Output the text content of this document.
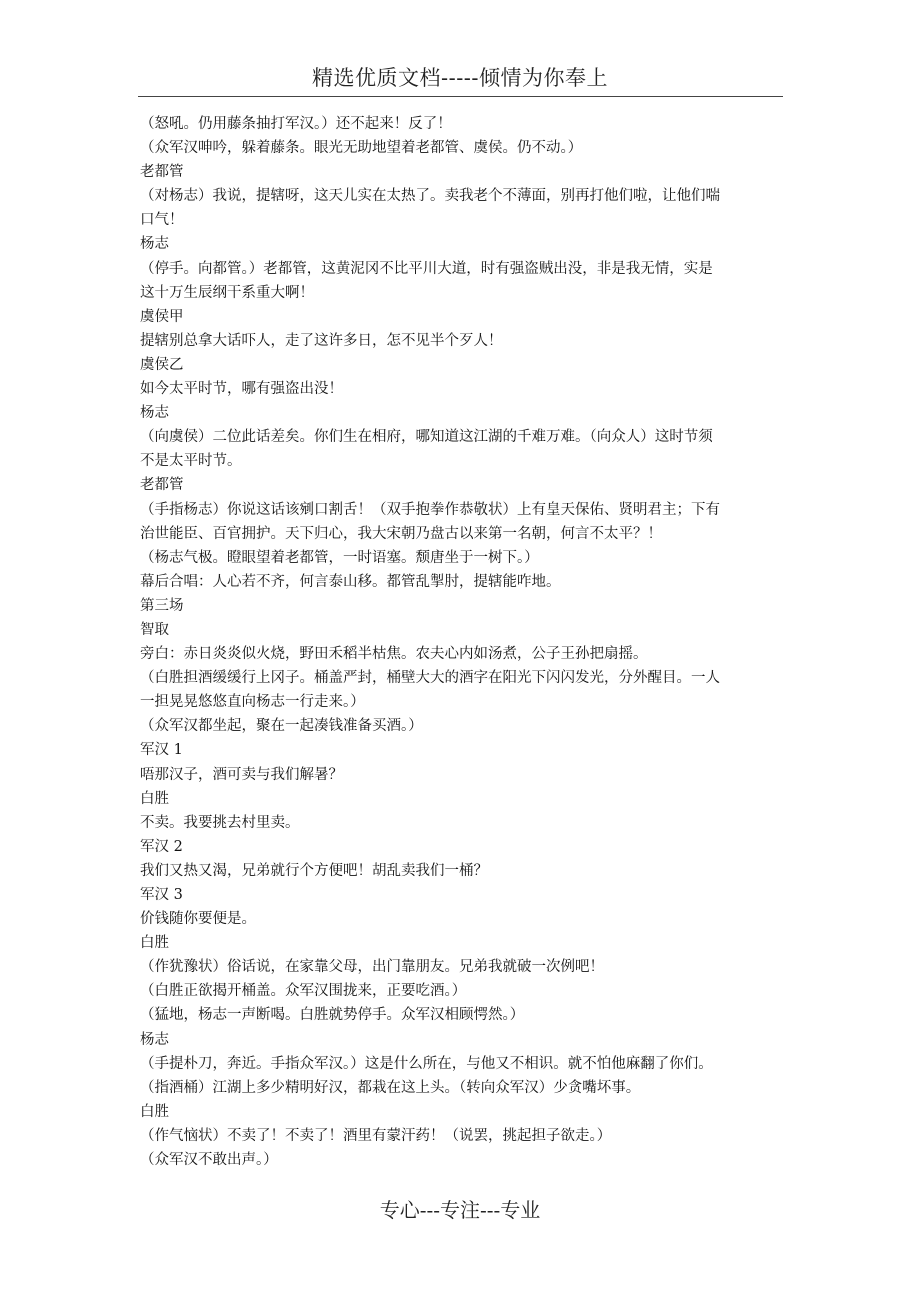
精选优质文档-----倾情为你奉上
（怒吼。仍用藤条抽打军汉。）还不起来！反了！
（众军汉呻吟，躲着藤条。眼光无助地望着老都管、虞侯。仍不动。）
老都管
（对杨志）我说，提辖呀，这天儿实在太热了。卖我老个不薄面，别再打他们啦，让他们喘
口气！
杨志
（停手。向都管。）老都管，这黄泥冈不比平川大道，时有强盗贼出没，非是我无情，实是
这十万生辰纲干系重大啊！
虞侯甲
提辖别总拿大话吓人，走了这许多日，怎不见半个歹人！
虞侯乙
如今太平时节，哪有强盗出没！
杨志
（向虞侯）二位此话差矣。你们生在相府，哪知道这江湖的千难万难。（向众人）这时节须
不是太平时节。
老都管
（手指杨志）你说这话该剜口割舌！（双手抱拳作恭敬状）上有皇天保佑、贤明君主；下有
治世能臣、百官拥护。天下归心，我大宋朝乃盘古以来第一名朝，何言不太平？！
（杨志气极。瞪眼望着老都管，一时语塞。颓唐坐于一树下。）
幕后合唱：人心若不齐，何言泰山移。都管乱掣肘，提辖能咋地。
第三场
智取
旁白：赤日炎炎似火烧，野田禾稻半枯焦。农夫心内如汤煮，公子王孙把扇摇。
（白胜担酒缓缓行上冈子。桶盖严封，桶壁大大的酒字在阳光下闪闪发光，分外醒目。一人
一担晃晃悠悠直向杨志一行走来。）
（众军汉都坐起，聚在一起凑钱准备买酒。）
军汉 1
唔那汉子，酒可卖与我们解暑？
白胜
不卖。我要挑去村里卖。
军汉 2
我们又热又渴，兄弟就行个方便吧！胡乱卖我们一桶？
军汉 3
价钱随你要便是。
白胜
（作犹豫状）俗话说，在家靠父母，出门靠朋友。兄弟我就破一次例吧！
（白胜正欲揭开桶盖。众军汉围拢来，正要吃酒。）
（猛地，杨志一声断喝。白胜就势停手。众军汉相顾愕然。）
杨志
（手提朴刀，奔近。手指众军汉。）这是什么所在，与他又不相识。就不怕他麻翻了你们。
（指酒桶）江湖上多少精明好汉，都栽在这上头。（转向众军汉）少贪嘴坏事。
白胜
（作气恼状）不卖了！不卖了！酒里有蒙汗药！（说罢，挑起担子欲走。）
（众军汉不敢出声。）
专心---专注---专业
